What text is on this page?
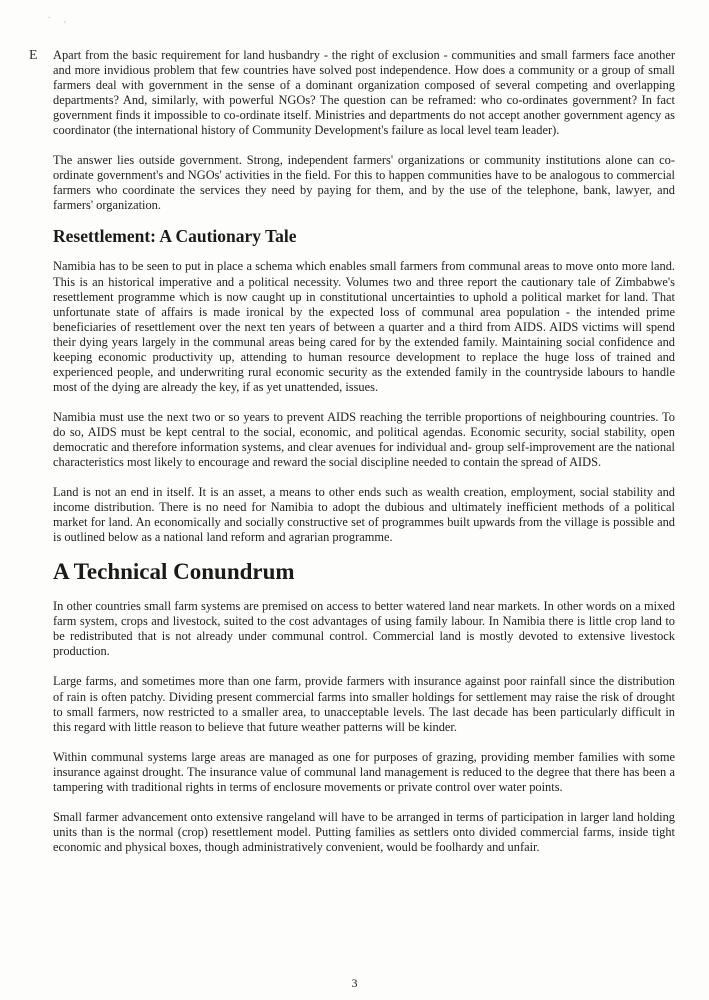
.
'
E Apart from the basic requirement for land husbandry - the right of exclusion - communities and small farmers face another and more invidious problem that few countries have solved post independence. How does a community or a group of small farmers deal with government in the sense of a dominant organization composed of several competing and overlapping departments? And, similarly, with powerful NGOs? The question can be reframed: who co-ordinates government? In fact government finds it impossible to co-ordinate itself. Ministries and departments do not accept another government agency as coordinator (the international history of Community Development's failure as local level team leader).

The answer lies outside government. Strong, independent farmers' organizations or community institutions alone can co-ordinate government's and NGOs' activities in the field. For this to happen communities have to be analogous to commercial farmers who coordinate the services they need by paying for them, and by the use of the telephone, bank, lawyer, and farmers' organization.

Resettlement: A Cautionary Tale

Namibia has to be seen to put in place a schema which enables small farmers from communal areas to move onto more land. This is an historical imperative and a political necessity. Volumes two and three report the cautionary tale of Zimbabwe's resettlement programme which is now caught up in constitutional uncertainties to uphold a political market for land. That unfortunate state of affairs is made ironical by the expected loss of communal area population - the intended prime beneficiaries of resettlement over the next ten years of between a quarter and a third from AIDS. AIDS victims will spend their dying years largely in the communal areas being cared for by the extended family. Maintaining social confidence and keeping economic productivity up, attending to human resource development to replace the huge loss of trained and experienced people, and underwriting rural economic security as the extended family in the countryside labours to handle most of the dying are already the key, if as yet unattended, issues.

Namibia must use the next two or so years to prevent AIDS reaching the terrible proportions of neighbouring countries. To do so, AIDS must be kept central to the social, economic, and political agendas. Economic security, social stability, open democratic and therefore information systems, and clear avenues for individual and- group self-improvement are the national characteristics most likely to encourage and reward the social discipline needed to contain the spread of AIDS.

Land is not an end in itself. It is an asset, a means to other ends such as wealth creation, employment, social stability and income distribution. There is no need for Namibia to adopt the dubious and ultimately inefficient methods of a political market for land. An economically and socially constructive set of programmes built upwards from the village is possible and is outlined below as a national land reform and agrarian programme.

A Technical Conundrum

In other countries small farm systems are premised on access to better watered land near markets. In other words on a mixed farm system, crops and livestock, suited to the cost advantages of using family labour. In Namibia there is little crop land to be redistributed that is not already under communal control. Commercial land is mostly devoted to extensive livestock production.

Large farms, and sometimes more than one farm, provide farmers with insurance against poor rainfall since the distribution of rain is often patchy. Dividing present commercial farms into smaller holdings for settlement may raise the risk of drought to small farmers, now restricted to a smaller area, to unacceptable levels. The last decade has been particularly difficult in this regard with little reason to believe that future weather patterns will be kinder.

Within communal systems large areas are managed as one for purposes of grazing, providing member families with some insurance against drought. The insurance value of communal land management is reduced to the degree that there has been a tampering with traditional rights in terms of enclosure movements or private control over water points.

Small farmer advancement onto extensive rangeland will have to be arranged in terms of participation in larger land holding units than is the normal (crop) resettlement model. Putting families as settlers onto divided commercial farms, inside tight economic and physical boxes, though administratively convenient, would be foolhardy and unfair.

3
